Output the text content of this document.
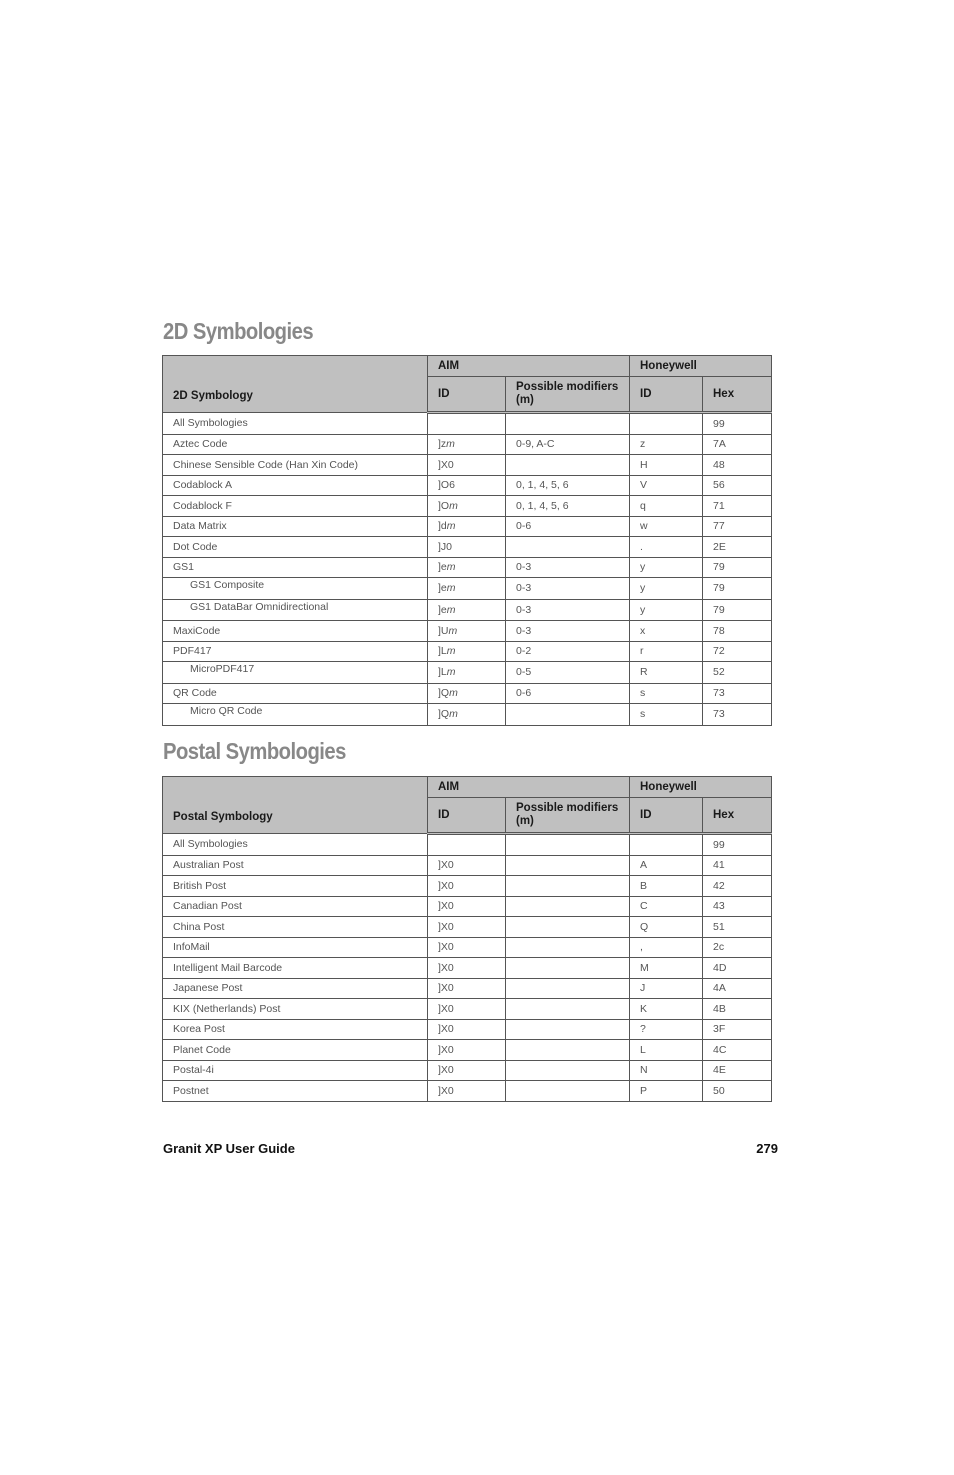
2D Symbologies
2D Symbology	AIM		Honeywell	
	ID	Possible modifiers (m)	ID	Hex
All Symbologies				99
Aztec Code	]zm	0-9, A-C	z	7A
Chinese Sensible Code (Han Xin Code)	]X0		H	48
Codablock A	]O6	0, 1, 4, 5, 6	V	56
Codablock F	]Om	0, 1, 4, 5, 6	q	71
Data Matrix	]dm	0-6	w	77
Dot Code	]J0		.	2E
GS1	]em	0-3	y	79
GS1 Composite	]em	0-3	y	79
GS1 DataBar Omnidirectional	]em	0-3	y	79
MaxiCode	]Um	0-3	x	78
PDF417	]Lm	0-2	r	72
MicroPDF417	]Lm	0-5	R	52
QR Code	]Qm	0-6	s	73
Micro QR Code	]Qm		s	73
Postal Symbologies
Postal Symbology	AIM		Honeywell	
	ID	Possible modifiers (m)	ID	Hex
All Symbologies				99
Australian Post	]X0		A	41
British Post	]X0		B	42
Canadian Post	]X0		C	43
China Post	]X0		Q	51
InfoMail	]X0		,	2c
Intelligent Mail Barcode	]X0		M	4D
Japanese Post	]X0		J	4A
KIX (Netherlands) Post	]X0		K	4B
Korea Post	]X0		?	3F
Planet Code	]X0		L	4C
Postal-4i	]X0		N	4E
Postnet	]X0		P	50
Granit XP User Guide	279
